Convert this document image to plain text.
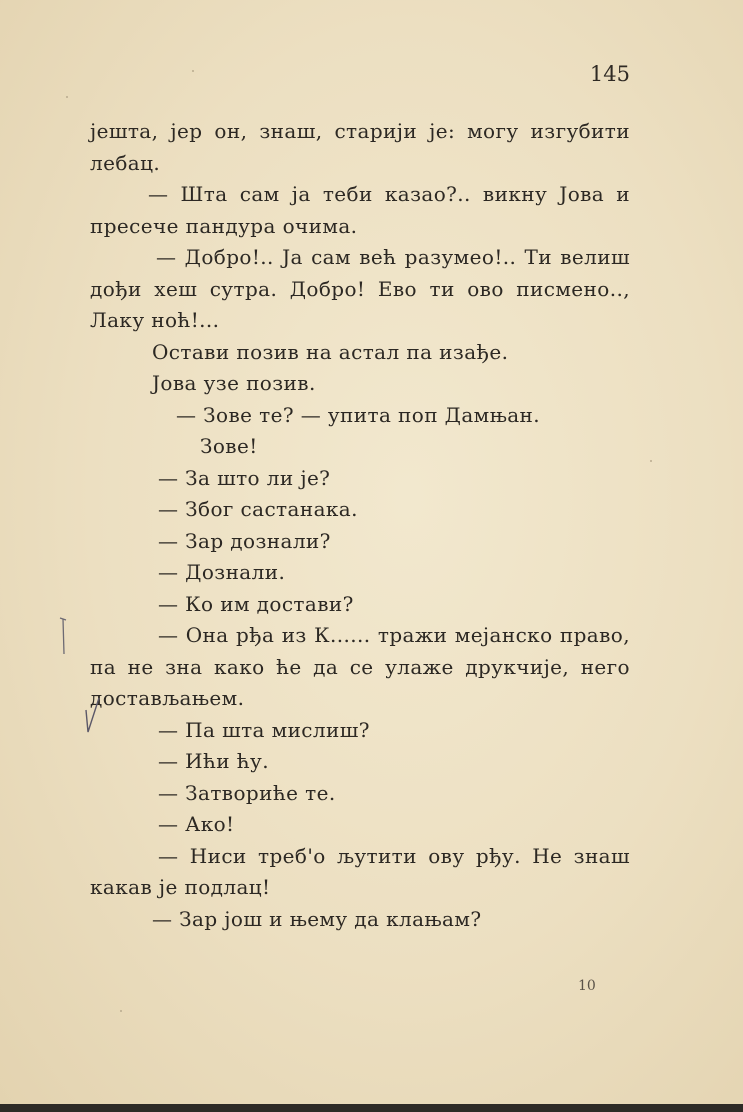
145
јешта, јер он, знаш, старији је: могу изгубити
лебац.
— Шта сам ја теби казао?.. викну Јова и
пресече пандура очима.
— Добро!.. Ја сам већ разумео!.. Ти велиш
дођи хеш сутра. Добро! Ево ти ово писмено..,
Лаку ноћ!...
Остави позив на астал па изађе.
Јова узе позив.
— Зове те? — упита поп Дамњан.
Зове!
— За што ли је?
— Због састанака.
— Зар дознали?
— Дознали.
— Ко им достави?
— Она рђа из К...... тражи мејанско право,
па не зна како ће да се улаже друкчије, него
достављањем.
— Па шта мислиш?
— Ићи ћу.
— Затвориће те.
— Ако!
— Ниси треб'о љутити ову рђу. Не знаш
какав је подлац!
— Зар још и њему да клањам?
10
